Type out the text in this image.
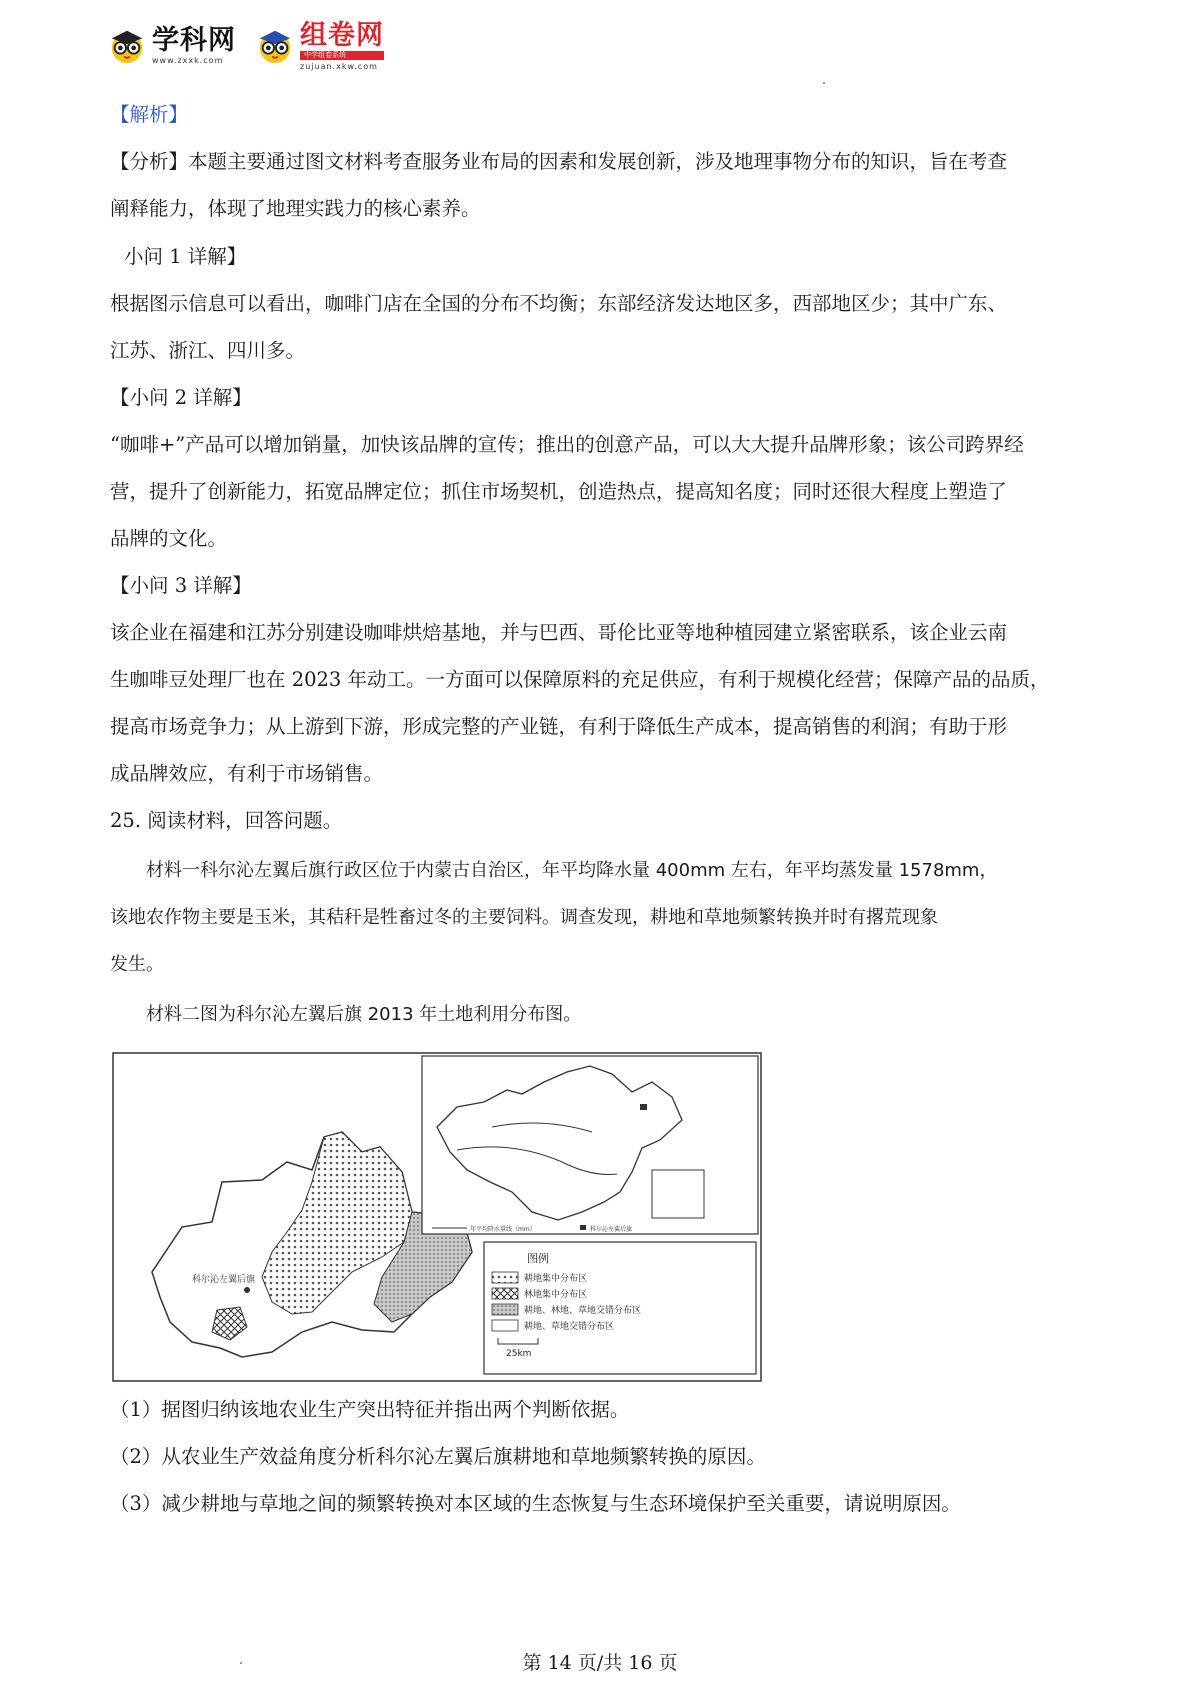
学科网
www.zxxk.com
组卷网
中学组卷系统
zujuan.xkw.com

【解析】

【分析】本题主要通过图文材料考查服务业布局的因素和发展创新，涉及地理事物分布的知识，旨在考查

阐释能力，体现了地理实践力的核心素养。

小问 1 详解】

根据图示信息可以看出，咖啡门店在全国的分布不均衡；东部经济发达地区多，西部地区少；其中广东、

江苏、浙江、四川多。

【小问 2 详解】

“咖啡+”产品可以增加销量，加快该品牌的宣传；推出的创意产品，可以大大提升品牌形象；该公司跨界经

营，提升了创新能力，拓宽品牌定位；抓住市场契机，创造热点，提高知名度；同时还很大程度上塑造了

品牌的文化。

【小问 3 详解】

该企业在福建和江苏分别建设咖啡烘焙基地，并与巴西、哥伦比亚等地种植园建立紧密联系，该企业云南

生咖啡豆处理厂也在 2023 年动工。一方面可以保障原料的充足供应，有利于规模化经营；保障产品的品质，

提高市场竞争力；从上游到下游，形成完整的产业链，有利于降低生产成本，提高销售的利润；有助于形

成品牌效应，有利于市场销售。

25. 阅读材料，回答问题。

材料一科尔沁左翼后旗行政区位于内蒙古自治区，年平均降水量 400mm 左右，年平均蒸发量 1578mm，

该地农作物主要是玉米，其秸秆是牲畜过冬的主要饲料。调查发现，耕地和草地频繁转换并时有撂荒现象

发生。

材料二图为科尔沁左翼后旗 2013 年土地利用分布图。

科尔沁左翼后旗
年平均降水量线（mm）	科尔沁左翼后旗
图例
耕地集中分布区
林地集中分布区
耕地、林地、草地交错分布区
耕地、草地交错分布区
25km

（1）据图归纳该地农业生产突出特征并指出两个判断依据。

（2）从农业生产效益角度分析科尔沁左翼后旗耕地和草地频繁转换的原因。

（3）减少耕地与草地之间的频繁转换对本区域的生态恢复与生态环境保护至关重要，请说明原因。

第 14 页/共 16 页
